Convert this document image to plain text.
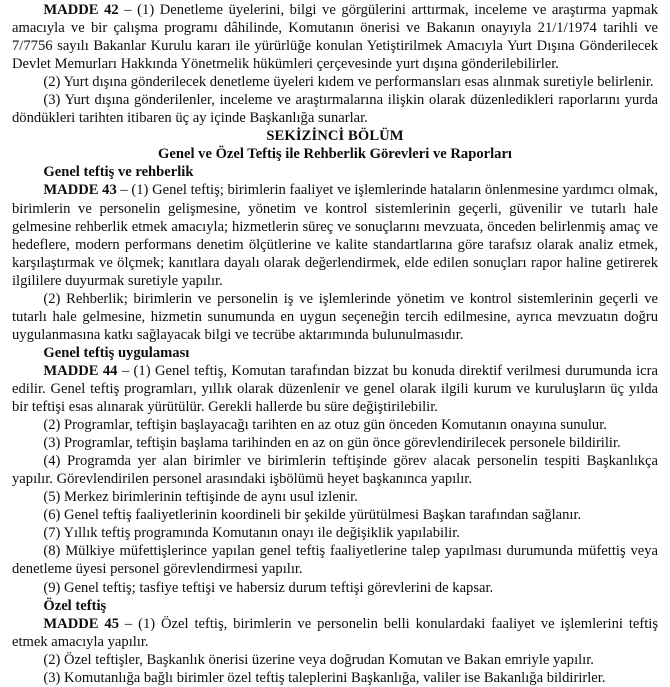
MADDE 42 – (1) Denetleme üyelerini, bilgi ve görgülerini arttırmak, inceleme ve araştırma yapmak amacıyla ve bir çalışma programı dâhilinde, Komutanın önerisi ve Bakanın onayıyla 21/1/1974 tarihli ve 7/7756 sayılı Bakanlar Kurulu kararı ile yürürlüğe konulan Yetiştirilmek Amacıyla Yurt Dışına Gönderilecek Devlet Memurları Hakkında Yönetmelik hükümleri çerçevesinde yurt dışına gönderilebilirler.

(2) Yurt dışına gönderilecek denetleme üyeleri kıdem ve performansları esas alınmak suretiyle belirlenir.

(3) Yurt dışına gönderilenler, inceleme ve araştırmalarına ilişkin olarak düzenledikleri raporlarını yurda döndükleri tarihten itibaren üç ay içinde Başkanlığa sunarlar.

SEKİZİNCİ BÖLÜM

Genel ve Özel Teftiş ile Rehberlik Görevleri ve Raporları

Genel teftiş ve rehberlik

MADDE 43 – (1) Genel teftiş; birimlerin faaliyet ve işlemlerinde hataların önlenmesine yardımcı olmak, birimlerin ve personelin gelişmesine, yönetim ve kontrol sistemlerinin geçerli, güvenilir ve tutarlı hale gelmesine rehberlik etmek amacıyla; hizmetlerin süreç ve sonuçlarını mevzuata, önceden belirlenmiş amaç ve hedeflere, modern performans denetim ölçütlerine ve kalite standartlarına göre tarafsız olarak analiz etmek, karşılaştırmak ve ölçmek; kanıtlara dayalı olarak değerlendirmek, elde edilen sonuçları rapor haline getirerek ilgililere duyurmak suretiyle yapılır.

(2) Rehberlik; birimlerin ve personelin iş ve işlemlerinde yönetim ve kontrol sistemlerinin geçerli ve tutarlı hale gelmesine, hizmetin sunumunda en uygun seçeneğin tercih edilmesine, ayrıca mevzuatın doğru uygulanmasına katkı sağlayacak bilgi ve tecrübe aktarımında bulunulmasıdır.

Genel teftiş uygulaması

MADDE 44 – (1) Genel teftiş, Komutan tarafından bizzat bu konuda direktif verilmesi durumunda icra edilir. Genel teftiş programları, yıllık olarak düzenlenir ve genel olarak ilgili kurum ve kuruluşların üç yılda bir teftişi esas alınarak yürütülür. Gerekli hallerde bu süre değiştirilebilir.

(2) Programlar, teftişin başlayacağı tarihten en az otuz gün önceden Komutanın onayına sunulur.

(3) Programlar, teftişin başlama tarihinden en az on gün önce görevlendirilecek personele bildirilir.

(4) Programda yer alan birimler ve birimlerin teftişinde görev alacak personelin tespiti Başkanlıkça yapılır. Görevlendirilen personel arasındaki işbölümü heyet başkanınca yapılır.

(5) Merkez birimlerinin teftişinde de aynı usul izlenir.

(6) Genel teftiş faaliyetlerinin koordineli bir şekilde yürütülmesi Başkan tarafından sağlanır.

(7) Yıllık teftiş programında Komutanın onayı ile değişiklik yapılabilir.

(8) Mülkiye müfettişlerince yapılan genel teftiş faaliyetlerine talep yapılması durumunda müfettiş veya denetleme üyesi personel görevlendirmesi yapılır.

(9) Genel teftiş; tasfiye teftişi ve habersiz durum teftişi görevlerini de kapsar.

Özel teftiş

MADDE 45 – (1) Özel teftiş, birimlerin ve personelin belli konulardaki faaliyet ve işlemlerini teftiş etmek amacıyla yapılır.

(2) Özel teftişler, Başkanlık önerisi üzerine veya doğrudan Komutan ve Bakan emriyle yapılır.

(3) Komutanlığa bağlı birimler özel teftiş taleplerini Başkanlığa, valiler ise Bakanlığa bildirirler.
